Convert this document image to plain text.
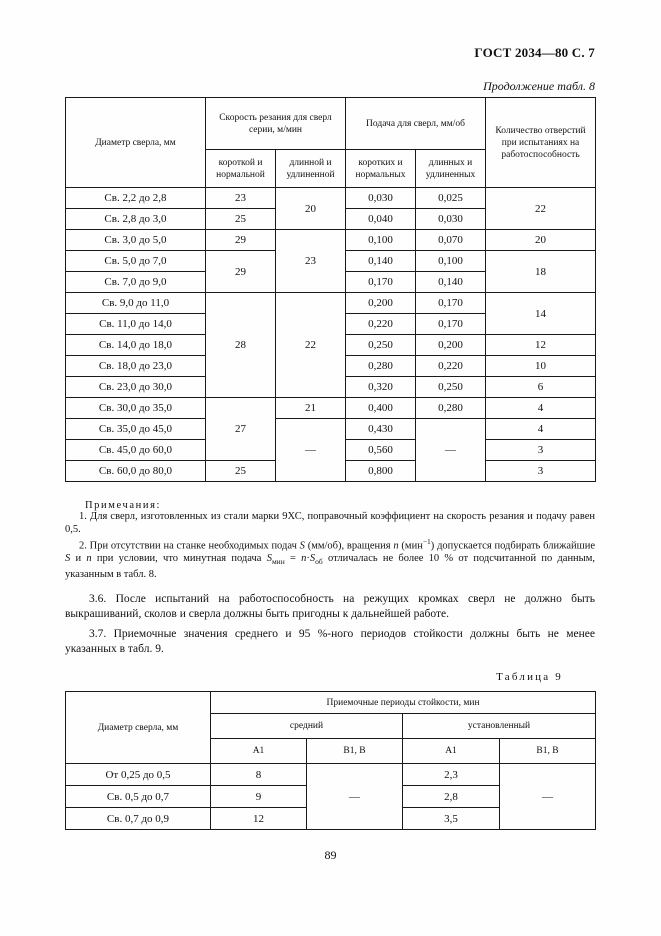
ГОСТ 2034—80 С. 7
Продолжение табл. 8
Диаметр сверла, мм	Скорость резания для сверл серии, м/мин		Подача для сверл, мм/об		Количество отверстий при испытаниях на работоспособность
	короткой и нормальной	длинной и удлиненной	коротких и нормальных	длинных и удлиненных	
Св. 2,2 до 2,8	23	20	0,030	0,025	22
Св. 2,8 до 3,0	25		0,040	0,030	
Св. 3,0 до 5,0	29	23	0,100	0,070	20
Св. 5,0 до 7,0	29		0,140	0,100	18
Св. 7,0 до 9,0			0,170	0,140	
Св. 9,0 до 11,0	28	22	0,200	0,170	14
Св. 11,0 до 14,0			0,220	0,170	
Св. 14,0 до 18,0			0,250	0,200	12
Св. 18,0 до 23,0			0,280	0,220	10
Св. 23,0 до 30,0			0,320	0,250	6
Св. 30,0 до 35,0	27	21	0,400	0,280	4
Св. 35,0 до 45,0		—	0,430	—	4
Св. 45,0 до 60,0			0,560		3
Св. 60,0 до 80,0	25		0,800		3
Примечания:
1. Для сверл, изготовленных из стали марки 9ХС, поправочный коэффициент на скорость резания и подачу равен 0,5.
2. При отсутствии на станке необходимых подач S (мм/об), вращения n (мин$^{-1}$) допускается подбирать ближайшие S и n при условии, что минутная подача $S_{мин} = n\cdot S_{об}$ отличалась не более 10 % от подсчитанной по данным, указанным в табл. 8.
3.6. После испытаний на работоспособность на режущих кромках сверл не должно быть выкрашиваний, сколов и сверла должны быть пригодны к дальнейшей работе.
3.7. Приемочные значения среднего и 95 %-ного периодов стойкости должны быть не менее указанных в табл. 9.
Таблица 9
Диаметр сверла, мм	Приемочные периоды стойкости, мин			
	средний		установленный	
	А1	В1, В	А1	В1, В
От 0,25 до 0,5	8	—	2,3	—
Св. 0,5 до 0,7	9		2,8	
Св. 0,7 до 0,9	12		3,5	
89
